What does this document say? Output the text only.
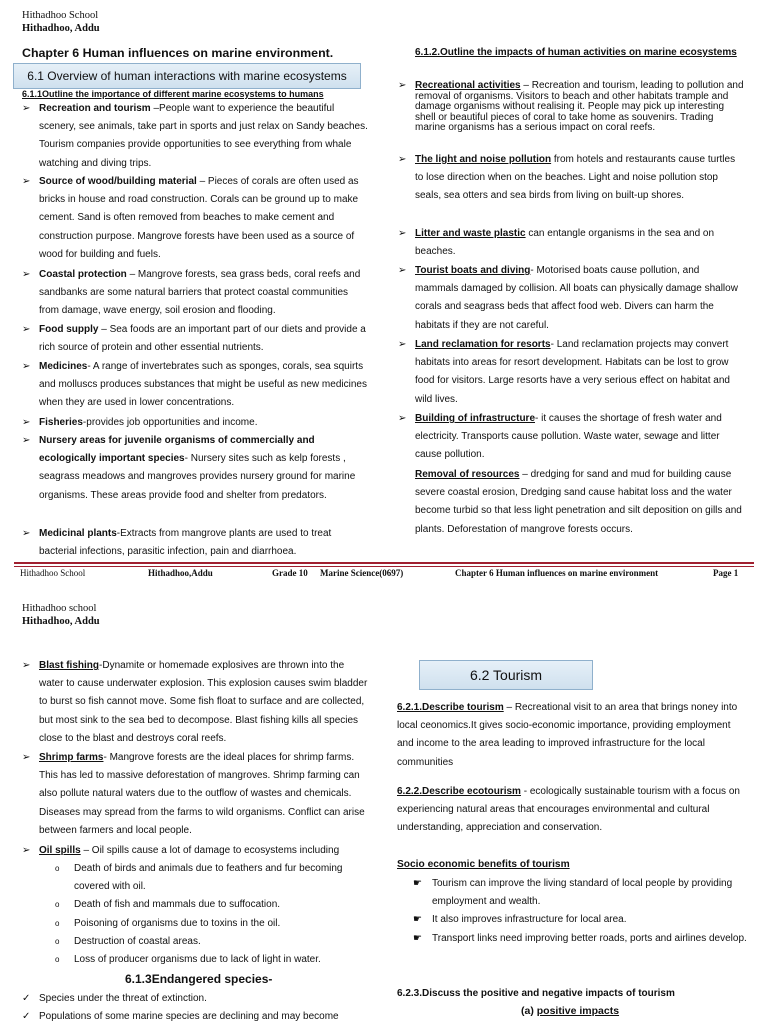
Hithadhoo School
Hithadhoo, Addu
Chapter 6 Human influences on marine environment.
6.1 Overview of human interactions with marine ecosystems
6.1.1Outline the importance of different marine ecosystems to humans
➢ Recreation and tourism –People want to experience the beautiful scenery, see animals, take part in sports and just relax on Sandy beaches. Tourism companies provide opportunities to see everything from whale watching and diving trips.
➢ Source of wood/building material – Pieces of corals are often used as bricks in house and road construction. Corals can be ground up to make cement. Sand is often removed from beaches to make cement and construction purpose. Mangrove forests have been used as a source of wood for building and fuels.
➢ Coastal protection – Mangrove forests, sea grass beds, coral reefs and sandbanks are some natural barriers that protect coastal communities from damage, wave energy, soil erosion and flooding.
➢ Food supply – Sea foods are an important part of our diets and provide a rich source of protein and other essential nutrients.
➢ Medicines- A range of invertebrates such as sponges, corals, sea squirts and molluscs produces substances that might be useful as new medicines when they are used in lower concentrations.
➢ Fisheries-provides job opportunities and income.
➢ Nursery areas for juvenile organisms of commercially and ecologically important species- Nursery sites such as kelp forests , seagrass meadows and mangroves provides nursery ground for marine organisms. These areas provide food and shelter from predators.
➢ Medicinal plants-Extracts from mangrove plants are used to treat bacterial infections, parasitic infection, pain and diarrhoea.
6.1.2.Outline the impacts of human activities on marine ecosystems
➢ Recreational activities – Recreation and tourism, leading to pollution and removal of organisms. Visitors to beach and other habitats trample and damage organisms without realising it. People may pick up interesting shell or beautiful pieces of coral to take home as souvenirs. Trading marine organisms has a serious impact on coral reefs.
➢ The light and noise pollution from hotels and restaurants cause turtles to lose direction when on the beaches. Light and noise pollution stop seals, sea otters and sea birds from living on built-up shores.
➢ Litter and waste plastic can entangle organisms in the sea and on beaches.
➢ Tourist boats and diving- Motorised boats cause pollution, and mammals damaged by collision. All boats can physically damage shallow corals and seagrass beds that affect food web. Divers can harm the habitats if they are not careful.
➢ Land reclamation for resorts- Land reclamation projects may convert habitats into areas for resort development. Habitats can be lost to grow food for visitors. Large resorts have a very serious effect on habitat and wild lives.
➢ Building of infrastructure- it causes the shortage of fresh water and electricity. Transports cause pollution. Waste water, sewage and litter cause pollution.
Removal of resources – dredging for sand and mud for building cause severe coastal erosion, Dredging sand cause habitat loss and the water become turbid so that less light penetration and silt deposition on gills and plants. Deforestation of mangrove forests occurs.
Hithadhoo School	Hithadhoo,Addu	Grade 10 Marine Science(0697)	Chapter 6 Human influences on marine environment	Page 1
Hithadhoo school
Hithadhoo, Addu
➢ Blast fishing-Dynamite or homemade explosives are thrown into the water to cause underwater explosion. This explosion causes swim bladder to burst so fish cannot move. Some fish float to surface and are collected, but most sink to the sea bed to decompose. Blast fishing kills all species close to the blast and destroys coral reefs.
➢ Shrimp farms- Mangrove forests are the ideal places for shrimp farms. This has led to massive deforestation of mangroves. Shrimp farming can also pollute natural waters due to the outflow of wastes and chemicals. Diseases may spread from the farms to wild organisms. Conflict can arise between farmers and local people.
➢ Oil spills – Oil spills cause a lot of damage to ecosystems including
o Death of birds and animals due to feathers and fur becoming covered with oil.
o Death of fish and mammals due to suffocation.
o Poisoning of organisms due to toxins in the oil.
o Destruction of coastal areas.
o Loss of producer organisms due to lack of light in water.
6.1.3Endangered species-
✓ Species under the threat of extinction.
✓ Populations of some marine species are declining and may become
6.2 Tourism
6.2.1.Describe tourism – Recreational visit to an area that brings noney into local ceonomics.It gives socio-economic importance, providing employment and income to the area leading to improved infrastructure for the local communities
6.2.2.Describe ecotourism - ecologically sustainable tourism with a focus on experiencing natural areas that encourages environmental and cultural understanding, appreciation and conservation.
Socio economic benefits of tourism
☛ Tourism can improve the living standard of local people by providing employment and wealth.
☛ It also improves infrastructure for local area.
☛ Transport links need improving better roads, ports and airlines develop.
6.2.3.Discuss the positive and negative impacts of tourism
(a) positive impacts
